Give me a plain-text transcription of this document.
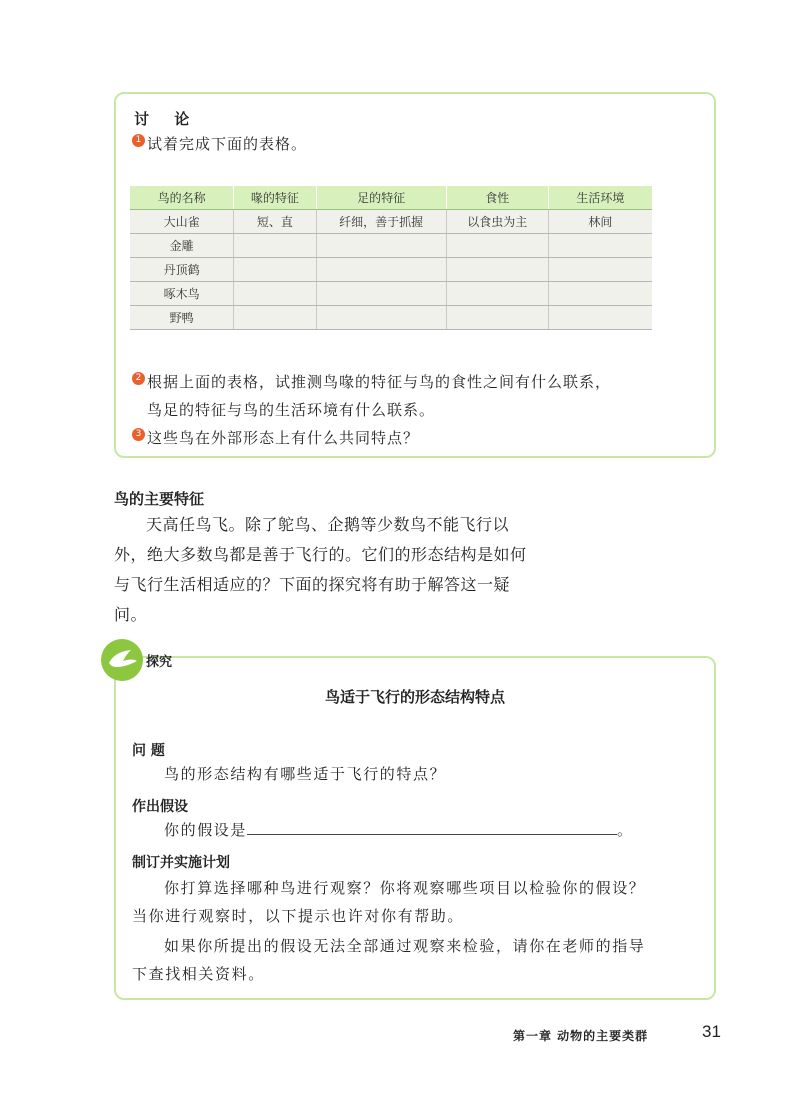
讨 论
1 试着完成下面的表格。
鸟的名称	喙的特征	足的特征	食性	生活环境
大山雀	短、直	纤细，善于抓握	以食虫为主	林间
金雕				
丹顶鹤				
啄木鸟				
野鸭				
2 根据上面的表格，试推测鸟喙的特征与鸟的食性之间有什么联系，
鸟足的特征与鸟的生活环境有什么联系。
3 这些鸟在外部形态上有什么共同特点？
鸟的主要特征
天高任鸟飞。除了鸵鸟、企鹅等少数鸟不能飞行以外，绝大多数鸟都是善于飞行的。它们的形态结构是如何与飞行生活相适应的？下面的探究将有助于解答这一疑问。
探究
鸟适于飞行的形态结构特点
问 题
鸟的形态结构有哪些适于飞行的特点？
作出假设
你的假设是	。
制订并实施计划
你打算选择哪种鸟进行观察？你将观察哪些项目以检验你的假设？
当你进行观察时，以下提示也许对你有帮助。
如果你所提出的假设无法全部通过观察来检验，请你在老师的指导
下查找相关资料。
第一章 动物的主要类群	31
